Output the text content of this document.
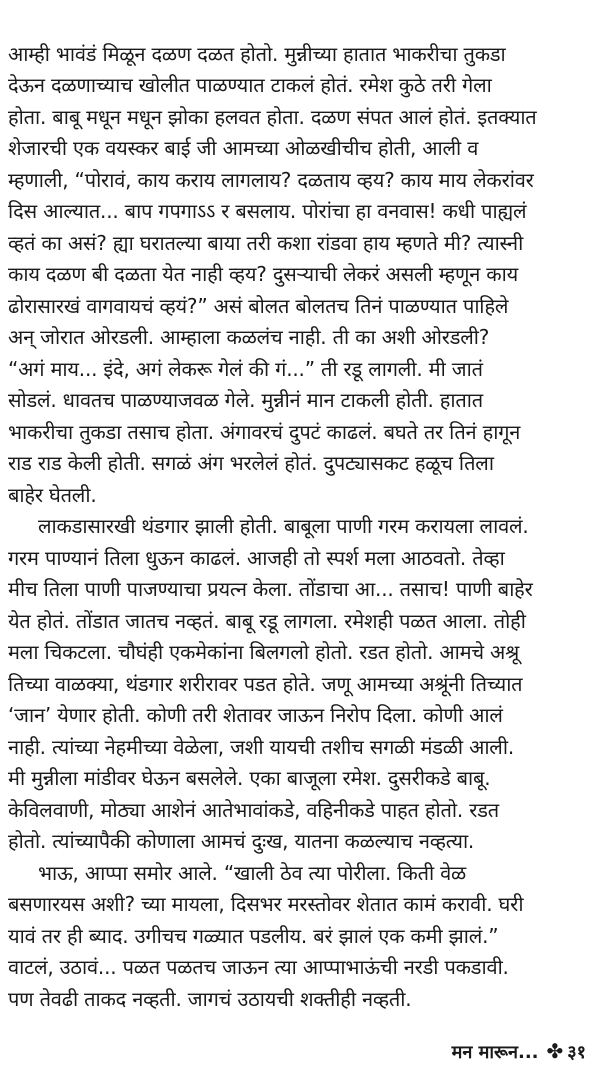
आम्ही भावंडं मिळून दळण दळत होतो. मुन्नीच्या हातात भाकरीचा तुकडा
देऊन दळणाच्याच खोलीत पाळण्यात टाकलं होतं. रमेश कुठे तरी गेला
होता. बाबू मधून मधून झोका हलवत होता. दळण संपत आलं होतं. इतक्यात
शेजारची एक वयस्कर बाई जी आमच्या ओळखीचीच होती, आली व
म्हणाली, “पोरावं, काय कराय लागलाय? दळताय व्हय? काय माय लेकरांवर
दिस आल्यात... बाप गपगाऽऽ र बसलाय. पोरांचा हा वनवास! कधी पाह्यलं
व्हतं का असं? ह्या घरातल्या बाया तरी कशा रांडवा हाय म्हणते मी? त्यास्नी
काय दळण बी दळता येत नाही व्हय? दुसऱ्याची लेकरं असली म्हणून काय
ढोरासारखं वागवायचं व्हयं?” असं बोलत बोलतच तिनं पाळण्यात पाहिले
अन् जोरात ओरडली. आम्हाला कळलंच नाही. ती का अशी ओरडली?
“अगं माय... इंदे, अगं लेकरू गेलं की गं...” ती रडू लागली. मी जातं
सोडलं. धावतच पाळण्याजवळ गेले. मुन्नीनं मान टाकली होती. हातात
भाकरीचा तुकडा तसाच होता. अंगावरचं दुपटं काढलं. बघते तर तिनं हागून
राड राड केली होती. सगळं अंग भरलेलं होतं. दुपट्यासकट हळूच तिला
बाहेर घेतली.
लाकडासारखी थंडगार झाली होती. बाबूला पाणी गरम करायला लावलं.
गरम पाण्यानं तिला धुऊन काढलं. आजही तो स्पर्श मला आठवतो. तेव्हा
मीच तिला पाणी पाजण्याचा प्रयत्न केला. तोंडाचा आ... तसाच! पाणी बाहेर
येत होतं. तोंडात जातच नव्हतं. बाबू रडू लागला. रमेशही पळत आला. तोही
मला चिकटला. चौघंही एकमेकांना बिलगलो होतो. रडत होतो. आमचे अश्रू
तिच्या वाळक्या, थंडगार शरीरावर पडत होते. जणू आमच्या अश्रूंनी तिच्यात
‘जान’ येणार होती. कोणी तरी शेतावर जाऊन निरोप दिला. कोणी आलं
नाही. त्यांच्या नेहमीच्या वेळेला, जशी यायची तशीच सगळी मंडळी आली.
मी मुन्नीला मांडीवर घेऊन बसलेले. एका बाजूला रमेश. दुसरीकडे बाबू.
केविलवाणी, मोठ्या आशेनं आतेभावांकडे, वहिनीकडे पाहत होतो. रडत
होतो. त्यांच्यापैकी कोणाला आमचं दुःख, यातना कळल्याच नव्हत्या.
भाऊ, आप्पा समोर आले. “खाली ठेव त्या पोरीला. किती वेळ
बसणारयस अशी? च्या मायला, दिसभर मरस्तोवर शेतात कामं करावी. घरी
यावं तर ही ब्याद. उगीचच गळ्यात पडलीय. बरं झालं एक कमी झालं.”
वाटलं, उठावं... पळत पळतच जाऊन त्या आप्पाभाऊंची नरडी पकडावी.
पण तेवढी ताकद नव्हती. जागचं उठायची शक्तीही नव्हती.
मन मारून... ✤ ३१
